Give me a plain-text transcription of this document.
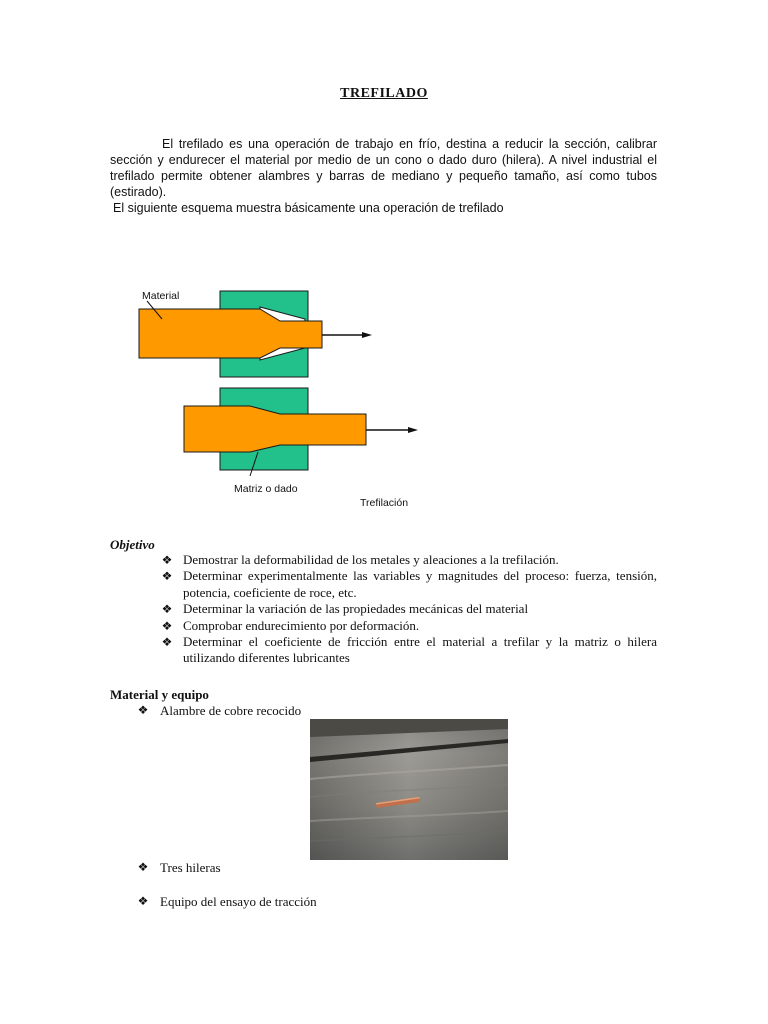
TREFILADO

El trefilado es una operación de trabajo en frío, destina a reducir la sección, calibrar sección y endurecer el material por medio de un cono o dado duro (hilera). A nivel industrial el trefilado permite obtener alambres y barras de mediano y pequeño tamaño, así como tubos (estirado).

El siguiente esquema muestra básicamente una operación de trefilado

Material
Matriz o dado
Trefilación
Objetivo
❖ Demostrar la deformabilidad de los metales y aleaciones a la trefilación.
❖ Determinar experimentalmente las variables y magnitudes del proceso: fuerza, tensión, potencia, coeficiente de roce, etc.
❖ Determinar la variación de las propiedades mecánicas del material
❖ Comprobar endurecimiento por deformación.
❖ Determinar el coeficiente de fricción entre el material a trefilar y la matriz o hilera utilizando diferentes lubricantes
Material y equipo
❖ Alambre de cobre recocido
❖ Tres hileras
❖ Equipo del ensayo de tracción
